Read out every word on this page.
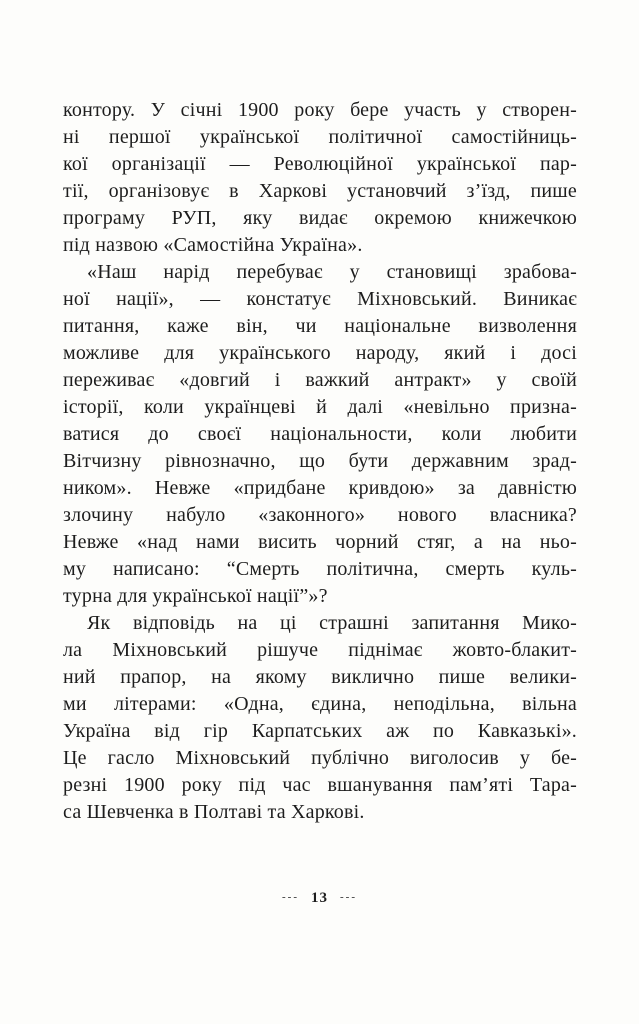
контору. У січні 1900 року бере участь у створен-
ні першої української політичної самостійниць-
кої організації — Революційної української пар-
тії, організовує в Харкові установчий з’їзд, пише
програму РУП, яку видає окремою книжечкою
під назвою «Самостійна Україна».
«Наш нарід перебуває у становищі зрабова-
ної нації», — констатує Міхновський. Виникає
питання, каже він, чи національне визволення
можливе для українського народу, який і досі
переживає «довгий і важкий антракт» у своїй
історії, коли українцеві й далі «невільно призна-
ватися до своєї національности, коли любити
Вітчизну рівнозначно, що бути державним зрад-
ником». Невже «придбане кривдою» за давністю
злочину набуло «законного» нового власника?
Невже «над нами висить чорний стяг, а на ньо-
му написано: “Смерть політична, смерть куль-
турна для української нації”»?
Як відповідь на ці страшні запитання Мико-
ла Міхновський рішуче піднімає жовто-блакит-
ний прапор, на якому виклично пише велики-
ми літерами: «Одна, єдина, неподільна, вільна
Україна від гір Карпатських аж по Кавказькі».
Це гасло Міхновський публічно виголосив у бе-
резні 1900 року під час вшанування пам’яті Тара-
са Шевченка в Полтаві та Харкові.
--- 13 ---
